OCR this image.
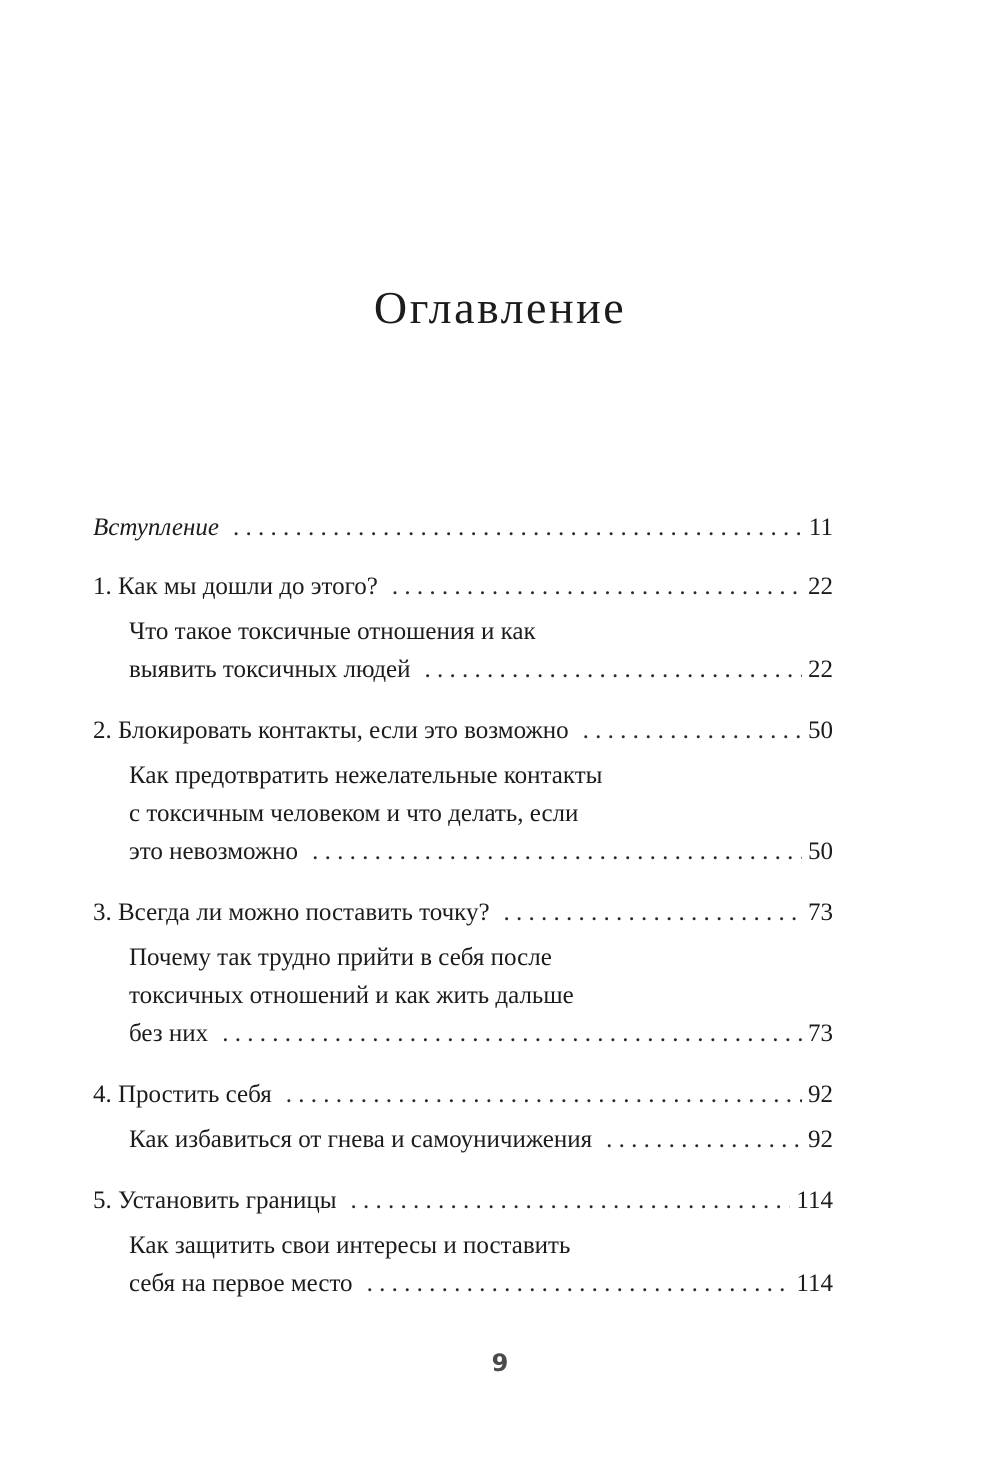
Оглавление
Вступление . . .	11
1. Как мы дошли до этого? . . .	22
Что такое токсичные отношения и как
выявить токсичных людей . . .	22
2. Блокировать контакты, если это возможно . . .	50
Как предотвратить нежелательные контакты
с токсичным человеком и что делать, если
это невозможно . . .	50
3. Всегда ли можно поставить точку? . . .	73
Почему так трудно прийти в себя после
токсичных отношений и как жить дальше
без них . . .	73
4. Простить себя . . .	92
Как избавиться от гнева и самоуничижения . . .	92
5. Установить границы . . .	114
Как защитить свои интересы и поставить
себя на первое место . . .	114
9
